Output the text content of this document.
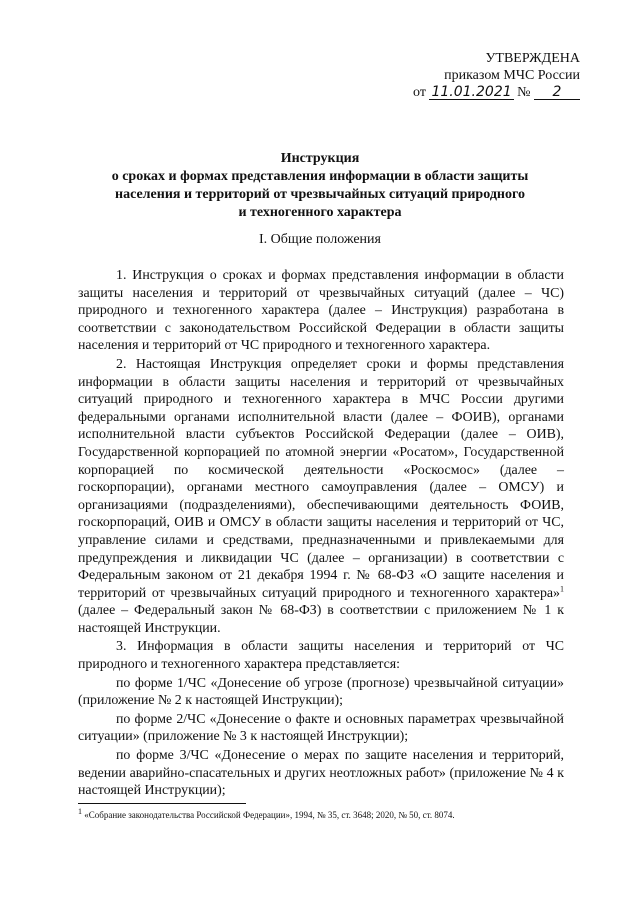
УТВЕРЖДЕНА
приказом МЧС России
от 11.01.2021 № 2
Инструкция
о сроках и формах представления информации в области защиты
населения и территорий от чрезвычайных ситуаций природного
и техногенного характера
I. Общие положения

1. Инструкция о сроках и формах представления информации в области защиты населения и территорий от чрезвычайных ситуаций (далее – ЧС) природного и техногенного характера (далее – Инструкция) разработана в соответствии с законодательством Российской Федерации в области защиты населения и территорий от ЧС природного и техногенного характера.

2. Настоящая Инструкция определяет сроки и формы представления информации в области защиты населения и территорий от чрезвычайных ситуаций природного и техногенного характера в МЧС России другими федеральными органами исполнительной власти (далее – ФОИВ), органами исполнительной власти субъектов Российской Федерации (далее – ОИВ), Государственной корпорацией по атомной энергии «Росатом», Государственной корпорацией по космической деятельности «Роскосмос» (далее – госкорпорации), органами местного самоуправления (далее – ОМСУ) и организациями (подразделениями), обеспечивающими деятельность ФОИВ, госкорпораций, ОИВ и ОМСУ в области защиты населения и территорий от ЧС, управление силами и средствами, предназначенными и привлекаемыми для предупреждения и ликвидации ЧС (далее – организации) в соответствии с Федеральным законом от 21 декабря 1994 г. № 68-ФЗ «О защите населения и территорий от чрезвычайных ситуаций природного и техногенного характера»$^1$ (далее – Федеральный закон № 68-ФЗ) в соответствии с приложением № 1 к настоящей Инструкции.

3. Информация в области защиты населения и территорий от ЧС природного и техногенного характера представляется:

по форме 1/ЧС «Донесение об угрозе (прогнозе) чрезвычайной ситуации» (приложение № 2 к настоящей Инструкции);

по форме 2/ЧС «Донесение о факте и основных параметрах чрезвычайной ситуации» (приложение № 3 к настоящей Инструкции);

по форме 3/ЧС «Донесение о мерах по защите населения и территорий, ведении аварийно-спасательных и других неотложных работ» (приложение № 4 к настоящей Инструкции);

$^1$ «Собрание законодательства Российской Федерации», 1994, № 35, ст. 3648; 2020, № 50, ст. 8074.
